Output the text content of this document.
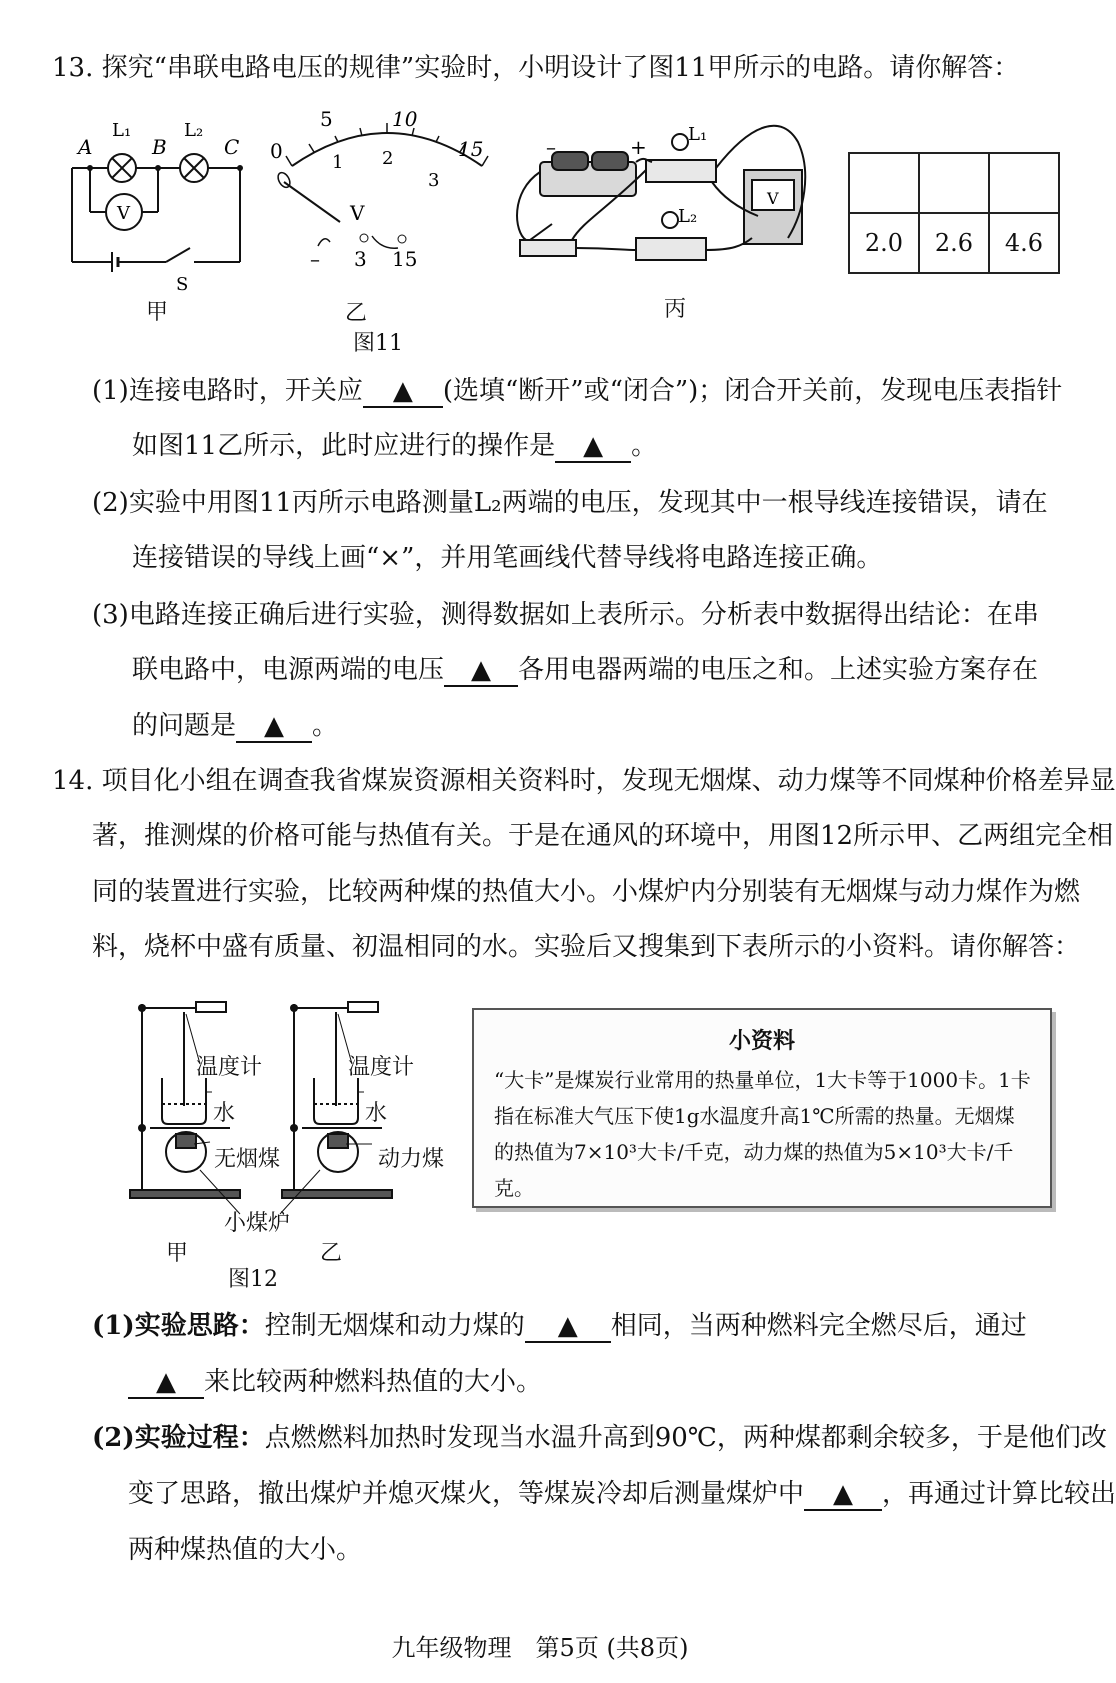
13. 探究“串联电路电压的规律”实验时，小明设计了图11甲所示的电路。请你解答：
A	B	C
L₁	L₂
V
S
甲
0
5	10
15
1 2
3
V
– 3 15
乙
图11
–	+
L₁
L₂
V
丙

2.0	2.6	4.6
(1)连接电路时，开关应 ▲ (选填“断开”或“闭合”)；闭合开关前，发现电压表指针
如图11乙所示，此时应进行的操作是 ▲ 。
(2)实验中用图11丙所示电路测量L₂两端的电压，发现其中一根导线连接错误，请在
连接错误的导线上画“×”，并用笔画线代替导线将电路连接正确。
(3)电路连接正确后进行实验，测得数据如上表所示。分析表中数据得出结论：在串
联电路中，电源两端的电压 ▲ 各用电器两端的电压之和。上述实验方案存在
的问题是 ▲ 。
14. 项目化小组在调查我省煤炭资源相关资料时，发现无烟煤、动力煤等不同煤种价格差异显
著，推测煤的价格可能与热值有关。于是在通风的环境中，用图12所示甲、乙两组完全相
同的装置进行实验，比较两种煤的热值大小。小煤炉内分别装有无烟煤与动力煤作为燃
料，烧杯中盛有质量、初温相同的水。实验后又搜集到下表所示的小资料。请你解答：
温度计	温度计
水	水
无烟煤	动力煤
小煤炉
甲	乙
图12
小资料
“大卡”是煤炭行业常用的热量单位，1大卡等于1000卡。1卡指在标准大气压下使1g水温度升高1℃所需的热量。无烟煤的热值为7×10³大卡/千克，动力煤的热值为5×10³大卡/千克。
(1)实验思路：控制无烟煤和动力煤的 ▲ 相同，当两种燃料完全燃尽后，通过
▲ 来比较两种燃料热值的大小。
(2)实验过程：点燃燃料加热时发现当水温升高到90℃，两种煤都剩余较多，于是他们改
变了思路，撤出煤炉并熄灭煤火，等煤炭冷却后测量煤炉中 ▲ ，再通过计算比较出
两种煤热值的大小。
九年级物理　第5页 (共8页)
